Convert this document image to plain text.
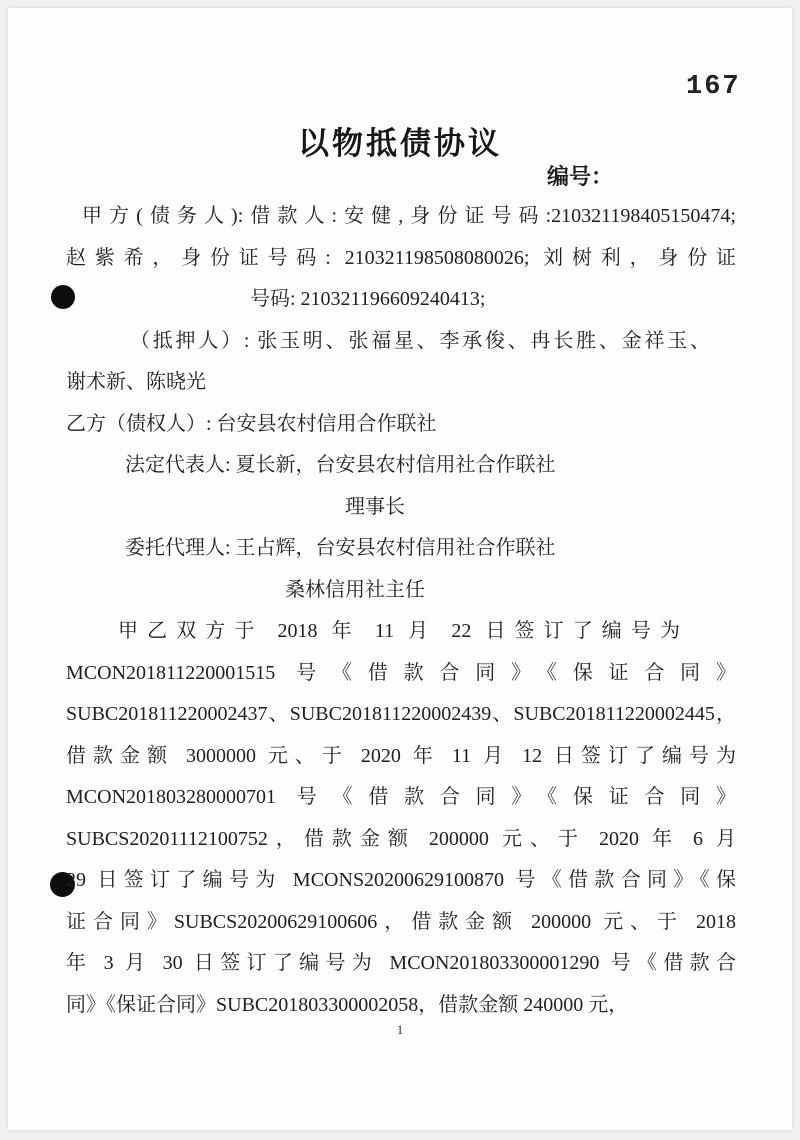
167
以物抵债协议
编号：
甲方(债务人):借款人:安健,身份证号码:210321198405150474;
赵紫希，身份证号码: 210321198508080026; 刘树利，身份证
号码: 210321196609240413;
（抵押人）: 张玉明、张福星、李承俊、冉长胜、金祥玉、
谢术新、陈晓光
乙方（债权人）: 台安县农村信用合作联社
法定代表人: 夏长新，台安县农村信用社合作联社
理事长
委托代理人: 王占辉，台安县农村信用社合作联社
桑林信用社主任
甲乙双方于 2018 年 11 月 22 日签订了编号为
MCON201811220001515 号《借款合同》《保证合同》
SUBC201811220002437、SUBC201811220002439、SUBC201811220002445，
借款金额 3000000 元、于 2020 年 11 月 12 日签订了编号为
MCON201803280000701 号《借款合同》《保证合同》
SUBCS20201112100752，借款金额 200000 元、于 2020 年 6 月
29 日签订了编号为 MCONS20200629100870 号《借款合同》《保
证合同》SUBCS20200629100606，借款金额 200000 元、于 2018
年 3 月 30 日签订了编号为 MCON201803300001290 号《借款合
同》《保证合同》SUBC201803300002058，借款金额 240000 元，
1
